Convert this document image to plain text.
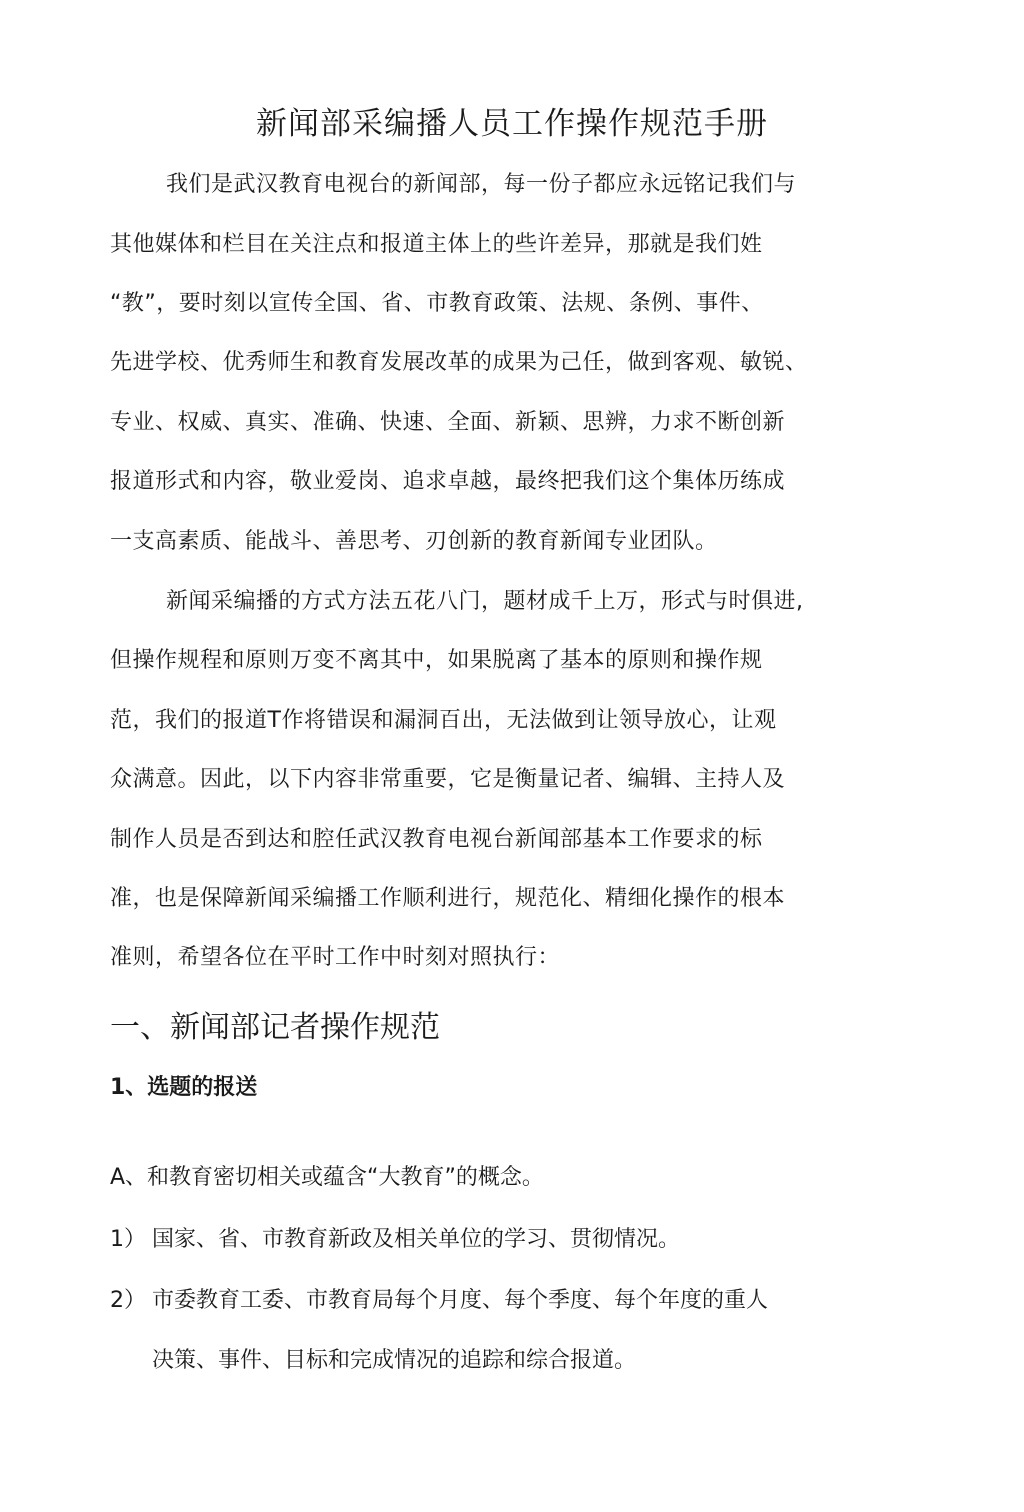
新闻部采编播人员工作操作规范手册
我们是武汉教育电视台的新闻部，每一份子都应永远铭记我们与
其他媒体和栏目在关注点和报道主体上的些许差异，那就是我们姓
“教”，要时刻以宣传全国、省、市教育政策、法规、条例、事件、
先进学校、优秀师生和教育发展改革的成果为己任，做到客观、敏锐、
专业、权威、真实、准确、快速、全面、新颖、思辨，力求不断创新
报道形式和内容，敬业爱岗、追求卓越，最终把我们这个集体历练成
一支高素质、能战斗、善思考、刃创新的教育新闻专业团队。
新闻采编播的方式方法五花八门，题材成千上万，形式与时俱进,
但操作规程和原则万变不离其中，如果脱离了基本的原则和操作规
范，我们的报道T作将错误和漏洞百出，无法做到让领导放心，让观
众满意。因此，以下内容非常重要，它是衡量记者、编辑、主持人及
制作人员是否到达和腔任武汉教育电视台新闻部基本工作要求的标
准，也是保障新闻采编播工作顺利进行，规范化、精细化操作的根本
准则，希望各位在平时工作中时刻对照执行：
一、新闻部记者操作规范
1、选题的报送
A、和教育密切相关或蕴含“大教育”的概念。
1） 国家、省、市教育新政及相关单位的学习、贯彻情况。
2） 市委教育工委、市教育局每个月度、每个季度、每个年度的重人
决策、事件、目标和完成情况的追踪和综合报道。
